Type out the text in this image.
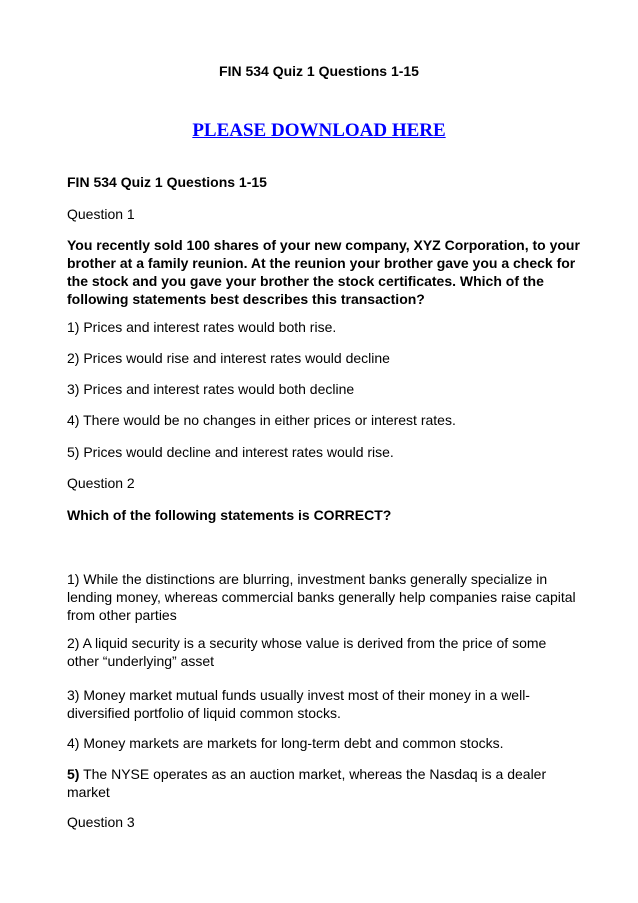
FIN 534 Quiz 1 Questions 1-15
PLEASE DOWNLOAD HERE

FIN 534 Quiz 1 Questions 1-15

Question 1

You recently sold 100 shares of your new company, XYZ Corporation, to your brother at a family reunion. At the reunion your brother gave you a check for the stock and you gave your brother the stock certificates. Which of the following statements best describes this transaction?

1) Prices and interest rates would both rise.

2) Prices would rise and interest rates would decline

3) Prices and interest rates would both decline

4) There would be no changes in either prices or interest rates.

5) Prices would decline and interest rates would rise.

Question 2

Which of the following statements is CORRECT?

1) While the distinctions are blurring, investment banks generally specialize in lending money, whereas commercial banks generally help companies raise capital from other parties

2) A liquid security is a security whose value is derived from the price of some other “underlying” asset

3) Money market mutual funds usually invest most of their money in a well-diversified portfolio of liquid common stocks.

4) Money markets are markets for long-term debt and common stocks.

5) The NYSE operates as an auction market, whereas the Nasdaq is a dealer market

Question 3
